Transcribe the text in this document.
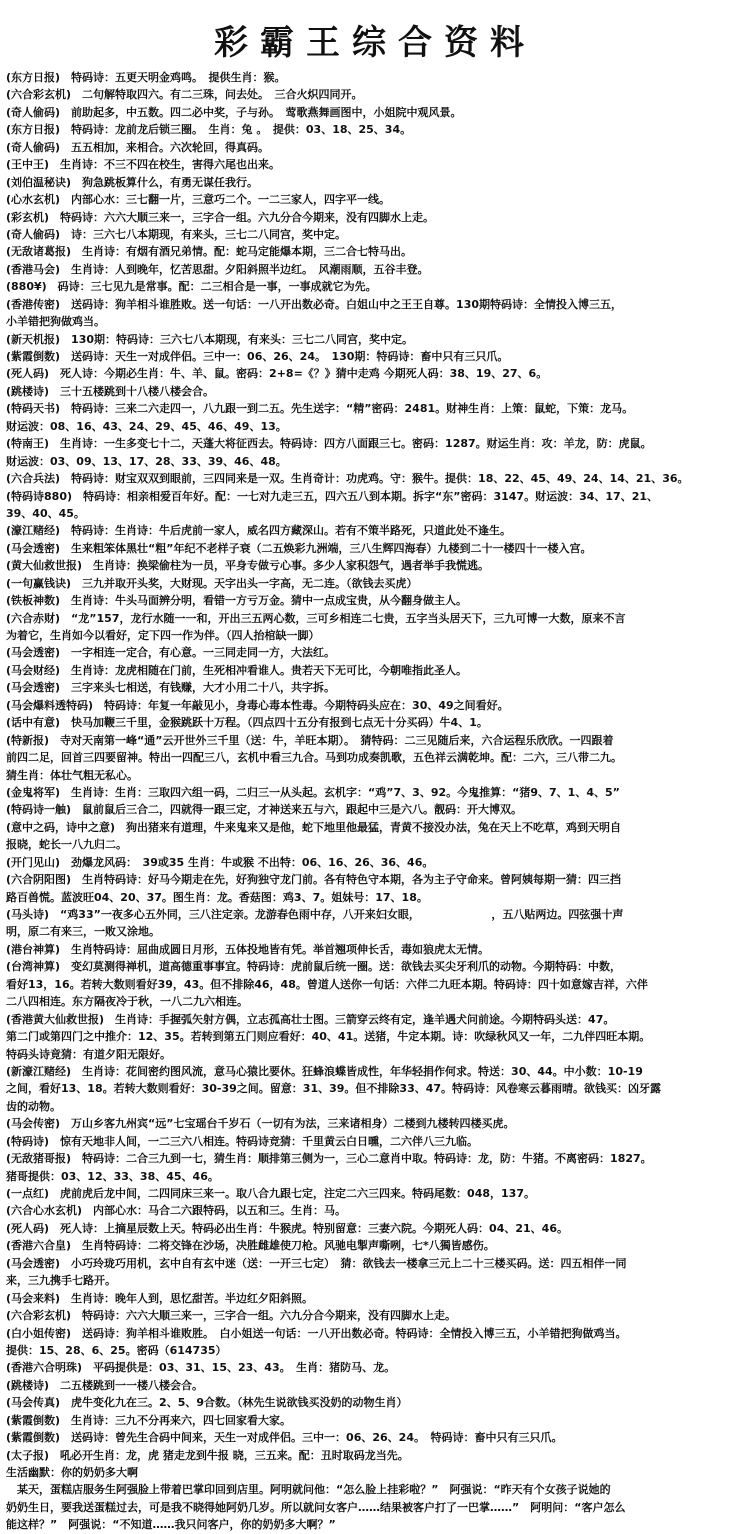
彩霸王综合资料
(东方日报)　特码诗：五更天明金鸡鸣。　提供生肖：猴。
(六合彩玄机)　二句解特取四六。有二三珠，问去处。　三合火炽四同开。
(奇人偷码)　前助起多，中五数。四二必中奖，子与孙。　莺歌燕舞画图中，小姐院中观风景。
(东方日报)　特码诗：龙前龙后锁三圈。　生肖：兔 。　提供：03、18、25、34。
(奇人偷码)　五五相加，来相合。六次轮回，得真码。
(王中王)　生肖诗：不三不四在校生，害得六尾也出来。
(刘伯温秘诀)　狗急跳板算什么，有勇无谋任我行。
(心水玄机)　内部心水：三七翻一片，三意巧二个。一二三家人，四字平一线。
(彩玄机)　特码诗：六六大顺三来一，三字合一组。六九分合今期来，没有四脚水上走。
(奇人偷码)　诗：三六七八本期现，有来头，三七二八同宫，奖中定。
(无敌诸葛报)　生肖诗：有烟有酒兄弟情。配：蛇马定能爆本期，三二合七特马出。
(香港马会)　生肖诗：人到晚年，忆苦思甜。夕阳斜照半边红。　风潮雨顺，五谷丰登。
(880¥)　码诗：三七见九是常事。配：二三相合是一事，一事成就它为先。
(香港传密)　送码诗：狗羊相斗谁胜败。送一句话：一八开出数必奇。白姐山中之王王自尊。130期特码诗：全情投入博三五，
小羊错把狗做鸡当。
(新天机报)　130期：特码诗：三六七八本期现，有来头：三七二八同宫，奖中定。
(紫霞倒数)　送码诗：天生一对成伴侣。三中一：06、26、24。　130期：特码诗：畜中只有三只爪。
(死人码)　死人诗：今期必生肖：牛、羊、鼠。密码：2+8=《？》猜中走鸡 今期死人码：38、19、27、6。
(跳楼诗)　三十五楼跳到十八楼八楼会合。
(特码天书)　特码诗：三来二六走四一，八九跟一到二五。先生送字：“精”密码：2481。财神生肖：上策：鼠蛇，下策：龙马。
财运波：08、16、43、24、29、45、46、49、13。
(特南王)　生肖诗：一生多变七十二，天蓬大将征西去。特码诗：四方八面跟三七。密码：1287。财运生肖：攻：羊龙，防：虎鼠。
财运波：03、09、13、17、28、33、39、46、48。
(六合兵法)　特码诗：财宝双双到眼前，三四同来是一双。生肖奇计：功虎鸡。守：猴牛。提供：18、22、45、49、24、14、21、36。
(特码诗880)　特码诗：相亲相爱百年好。配：一七对九走三五，四六五八到本期。拆字“东”密码：3147。财运波：34、17、21、
39、40、45。
(濠江赌经)　特码诗：生肖诗：牛后虎前一家人，威名四方藏深山。若有不策半路死，只道此处不逢生。
(马会透密)　生来粗笨体黑壮“粗”年纪不老样子衰（二五焕彩九洲端，三八生辉四海春）九楼到二十一楼四十一楼入宫。
(黄大仙救世报)　生肖诗：换梁偷柱为一员，平身专做亏心事。多少人家积怨气，遇者举手我慌逃。
(一句赢钱诀)　三九并取开头奖，大财现。天字出头一字高，无二连。（欲钱去买虎）
(铁板神数)　生肖诗：牛头马面辨分明，看错一方亏万金。猜中一点成宝贵，从今翻身做主人。
(六合赤财)　“龙”157，龙行水随一一和，开出三五两心数，三可乡相连二七贵，五字当头居天下，三九可博一大数，原来不言
为着它，生肖如今以看好，定下四一作为伴。（四人抬棺缺一脚）
(马会透密)　一字相连一定合，有心意。一三同走同一方，大法红。
(马会财经)　生肖诗：龙虎相随在门前，生死相冲看谁人。贵若天下无可比，今朝唯指此圣人。
(马会透密)　三字来头七相送，有钱赚，大才小用二十八，共字拆。
(马会爆料透特码)　特码诗：年复一年敲见小，身毒心毒本性毒。今期特码头应在：30、49之间看好。
(话中有意)　快马加鞭三千里，金猴跳跃十万程。（四点四十五分有报到七点无十分买码）牛4、1。
(特新报)　寺对天南第一峰“通”云开世外三千里（送：牛，羊旺本期）。　猜特码：二三见随后来，六合运程乐欣欣。一四跟着
前四二足，回首三四要留神。特出一四配三八，玄机中看三九合。马到功成奏凯歌，五色祥云满乾坤。配：二六，三八带二九。
猜生肖：体壮气粗无私心。
(金鬼将军)　生肖诗：生肖：三取四六组一码，二归三一从头起。玄机字：“鸡”7、3、92。今鬼推算：“猪9、7、1、4、5”
(特码诗一触)　鼠前鼠后三合二，四就得一跟三定，才神送来五与六，跟起中三是六八。靓码：开大博双。
(意中之码，诗中之意)　狗出猪来有道理，牛来鬼来又是他，蛇下地里他最猛，青黄不接没办法，兔在天上不吃草，鸡到天明自
报晓，蛇长一八九归二。
(开门见山)　劲爆龙风码：　39或35 生肖：牛或猴 不出特：06、16、26、36、46。
(六合阴阳图)　生肖特码诗：好马今期走在先，好狗独守龙门前。各有特色守本期，各为主子守命来。曾阿姨每期一猜：四三挡
路百兽慌。蓝波旺04、20、37。图生肖：龙。香菇图：鸡3、7。姐妹号：17、18。
(马头诗)　“鸡33”一夜多心五外同，三八注定亲。龙游春色雨中存，八开来妇女眼，　　　　　　　，五八贴两边。四弦强十声
明，原二有来三，一败又涂地。
(港台神算)　生肖特码诗：屈曲成圆日月形，五体投地皆有凭。举首翘项伸长舌，毒如狼虎太无情。
(台湾神算)　变幻莫测得禅机，道高德重事事宜。特码诗：虎前鼠后统一圈。送：欲钱去买尖牙利爪的动物。今期特码：中数，
看好13，16。若转大数则看好39，43。但不排除46，48。曾道人送你一句话：六伴二九旺本期。特码诗：四十如意嫁吉祥，六伴
二八四相连。东方隔夜冷于秋，一八二九六相连。
(香港黄大仙救世报)　生肖诗：手握弧矢射方偶，立志孤高壮士图。三箭穿云终有定，逢羊遇犬问前途。今期特码头送：47。
第二门或第四门之中推介：12、35。若转到第五门则应看好：40、41。送猪，牛定本期。诗：吹绿秋风又一年，二九伴四旺本期。
特码头诗竟猜：有道夕阳无限好。
(新濠江赌经)　生肖诗：花间密约图风流，意马心猿比要休。狂蜂浪蝶皆成性，年华轻捐作何求。特送：30、44。中小数：10-19
之间，看好13、18。若转大数则看好：30-39之间。留意：31、39。但不排除33、47。特码诗：风卷寒云暮雨晴。欲钱买：凶牙露
齿的动物。
(马会传密)　万山乡客九州宾“远”七宝瑶台千岁石（一切有为法，三来诸相身）二楼到九楼转四楼买虎。
(特码诗)　惊有天地非人间，一二三六八相连。特码诗竞猜：千里黄云白日曛，二六伴八三九临。
(无敌猪哥报)　特码诗：二合三九到一七，猜生肖：顺排第三侧为一，三心二意肖中取。特码诗：龙，防：牛猪。不离密码：1827。
猪哥提供：03、12、33、38、45、46。
(一点红)　虎前虎后龙中间，二四同床三来一。取八合九跟七定，注定二六三四来。特码尾数：048，137。
(六合心水玄机)　内部心水：马合二六跟特码，以五和三。生肖：马。
(死人码)　死人诗：上摘星辰数上天。特码必出生肖：牛猴虎。特别留意：三妻六院。今期死人码：04、21、46。
(香港六合皇)　生肖特码诗：二将交锋在沙场，决胜雌雄使刀枪。风驰电掣声嘶咧，七*八獨皆感伤。
(马会透密)　小巧玲珑巧用机，玄中自有玄中迷（送：一开三七定）　猜：欲钱去一楼拿三元上二十三楼买码。送：四五相伴一同
来，三九携手七路开。
(马会来料)　生肖诗：晚年人到，思忆甜苦。半边红夕阳斜照。
(六合彩玄机)　特码诗：六六大顺三来一，三字合一组。六九分合今期来，没有四脚水上走。
(白小姐传密)　送码诗：狗羊相斗谁败胜。　白小姐送一句话：一八开出数必奇。特码诗：全情投入博三五，小羊错把狗做鸡当。
提供：15、28、6、25。密码（614735）
(香港六合明珠)　平码提供是：03、31、15、23、43。　生肖：猪防马、龙。
(跳楼诗)　二五楼跳到一一楼八楼会合。
(马会传真)　虎牛变化九在三。2、5、9合数。（林先生说欲钱买没奶的动物生肖）
(紫霞倒数)　生肖诗：三九不分再来六，四七回家看大家。
(紫霞倒数)　送码诗：曾先生合码中间来，天生一对成伴侣。三中一：06、26、24。　特码诗：畜中只有三只爪。
(太子报)　吼必开生肖：龙，虎 猪走龙到牛报 晓，三五来。配：丑时取码龙当先。
生活幽默：你的奶奶多大啊
　某天，蛋糕店服务生阿强脸上带着巴掌印回到店里。阿明就问他：“怎么脸上挂彩啦？”　阿强说：“昨天有个女孩子说她的
奶奶生日，要我送蛋糕过去，可是我不晓得她阿奶几岁。所以就问女客户……结果被客户打了一巴掌……”　阿明问：“客户怎么
能这样？”　阿强说：“不知道……我只问客户，你的奶奶多大啊？”
